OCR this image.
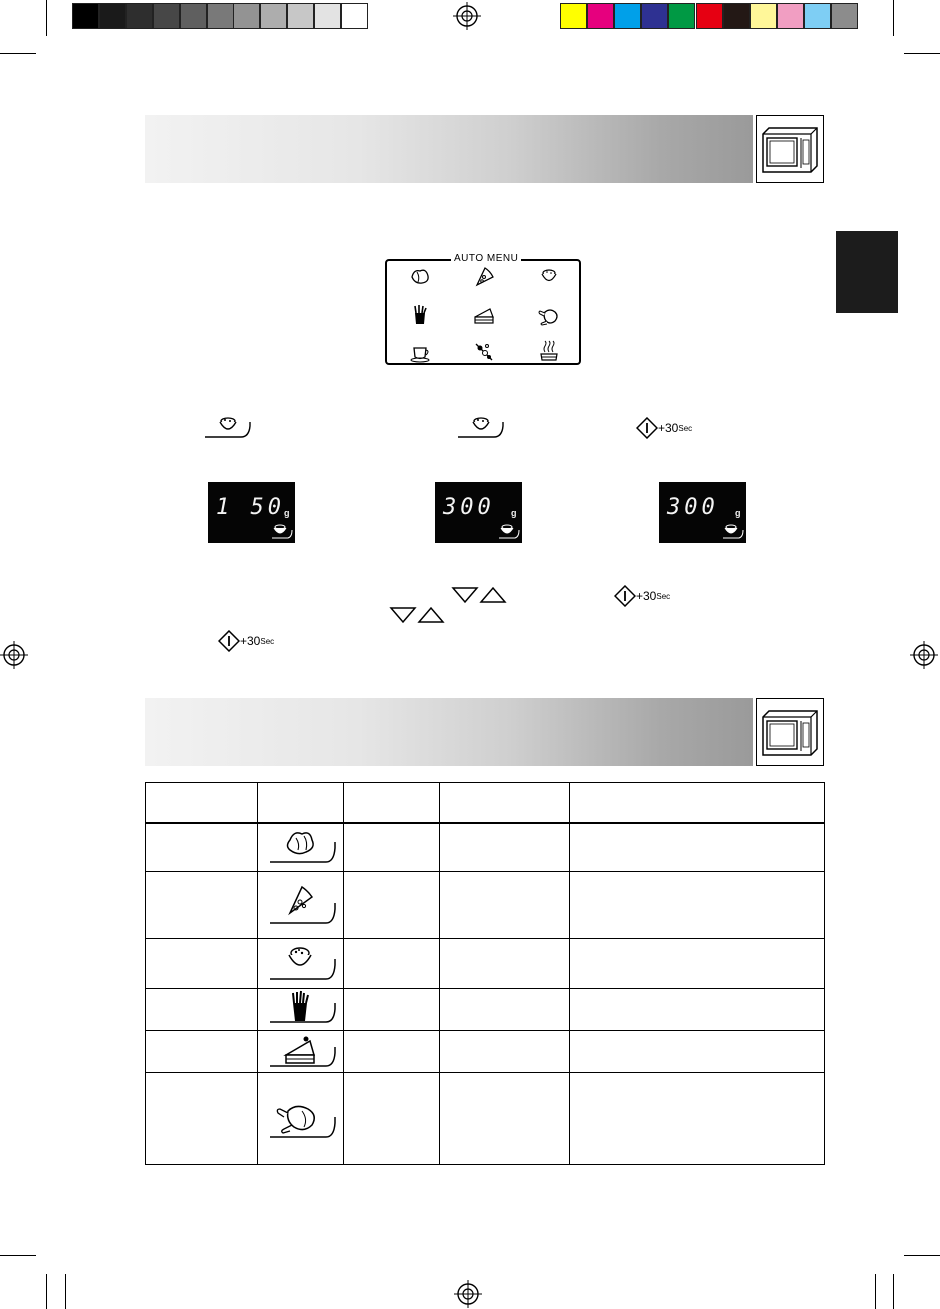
AUTO MENU
+30 Sec
1 50 g	300 g	300 g
+30 Sec
+30 Sec
